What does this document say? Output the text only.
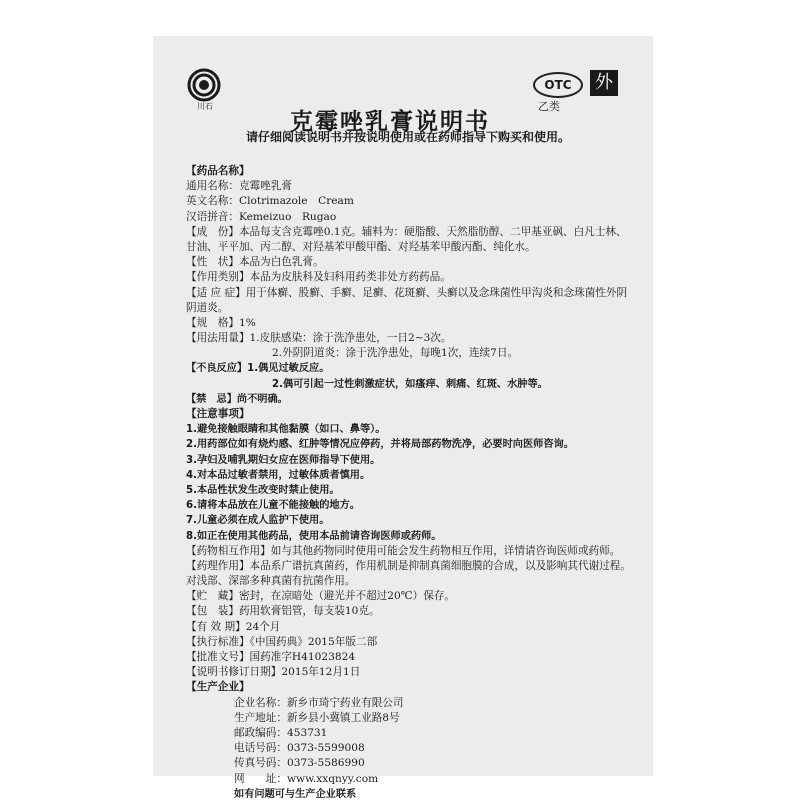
川石
OTC
乙类
外
克霉唑乳膏说明书
请仔细阅读说明书并按说明使用或在药师指导下购买和使用。
【药品名称】
通用名称：克霉唑乳膏
英文名称：Clotrimazole　Cream
汉语拼音：Kemeizuo　Rugao
【成　份】本品每支含克霉唑0.1克。辅料为：硬脂酸、天然脂肪醇、二甲基亚砜、白凡士林、
甘油、平平加、丙二醇、对羟基苯甲酸甲酯、对羟基苯甲酸丙酯、纯化水。
【性　状】本品为白色乳膏。
【作用类别】本品为皮肤科及妇科用药类非处方药药品。
【适 应 症】用于体癣、股癣、手癣、足癣、花斑癣、头癣以及念珠菌性甲沟炎和念珠菌性外阴
阴道炎。
【规　格】1%
【用法用量】1.皮肤感染：涂于洗净患处，一日2~3次。
2.外阴阴道炎：涂于洗净患处，每晚1次，连续7日。
【不良反应】1.偶见过敏反应。
2.偶可引起一过性刺激症状，如瘙痒、刺痛、红斑、水肿等。
【禁　忌】尚不明确。
【注意事项】
1.避免接触眼睛和其他黏膜（如口、鼻等）。
2.用药部位如有烧灼感、红肿等情况应停药，并将局部药物洗净，必要时向医师咨询。
3.孕妇及哺乳期妇女应在医师指导下使用。
4.对本品过敏者禁用，过敏体质者慎用。
5.本品性状发生改变时禁止使用。
6.请将本品放在儿童不能接触的地方。
7.儿童必须在成人监护下使用。
8.如正在使用其他药品，使用本品前请咨询医师或药师。
【药物相互作用】如与其他药物同时使用可能会发生药物相互作用，详情请咨询医师或药师。
【药理作用】本品系广谱抗真菌药，作用机制是抑制真菌细胞膜的合成，以及影响其代谢过程。
对浅部、深部多种真菌有抗菌作用。
【贮　藏】密封，在凉暗处（避光并不超过20℃）保存。
【包　装】药用软膏铝管，每支装10克。
【有 效 期】24个月
【执行标准】《中国药典》2015年版二部
【批准文号】国药准字H41023824
【说明书修订日期】2015年12月1日
【生产企业】
企业名称：新乡市琦宁药业有限公司
生产地址：新乡县小冀镇工业路8号
邮政编码：453731
电话号码：0373-5599008
传真号码：0373-5586990
网　　址：www.xxqnyy.com
如有问题可与生产企业联系
